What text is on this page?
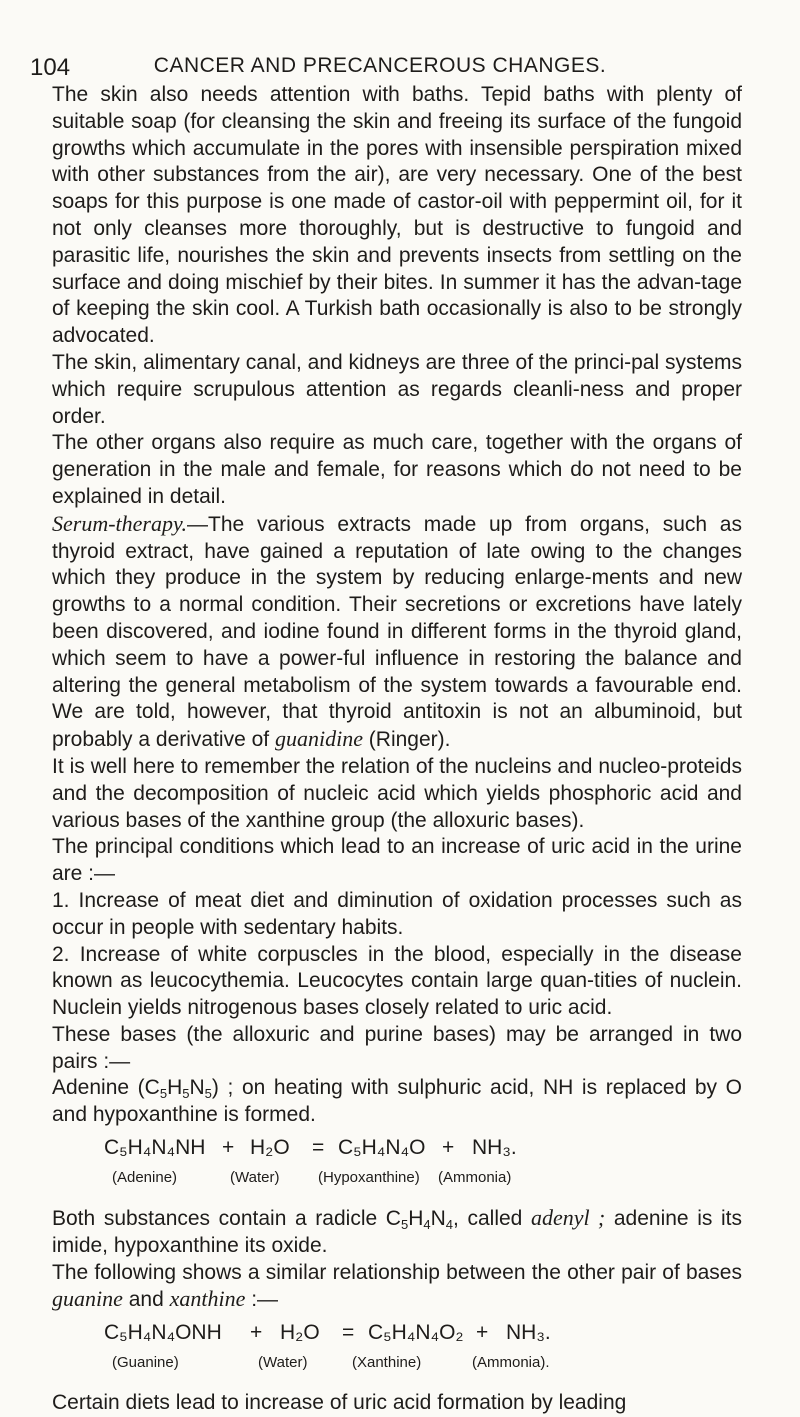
104	CANCER AND PRECANCEROUS CHANGES.

The skin also needs attention with baths. Tepid baths with plenty of suitable soap (for cleansing the skin and freeing its surface of the fungoid growths which accumulate in the pores with insensible perspiration mixed with other substances from the air), are very necessary. One of the best soaps for this purpose is one made of castor-oil with peppermint oil, for it not only cleanses more thoroughly, but is destructive to fungoid and parasitic life, nourishes the skin and prevents insects from settling on the surface and doing mischief by their bites. In summer it has the advan-tage of keeping the skin cool. A Turkish bath occasionally is also to be strongly advocated.

The skin, alimentary canal, and kidneys are three of the princi-pal systems which require scrupulous attention as regards cleanli-ness and proper order.

The other organs also require as much care, together with the organs of generation in the male and female, for reasons which do not need to be explained in detail.

Serum-therapy.—The various extracts made up from organs, such as thyroid extract, have gained a reputation of late owing to the changes which they produce in the system by reducing enlarge-ments and new growths to a normal condition. Their secretions or excretions have lately been discovered, and iodine found in different forms in the thyroid gland, which seem to have a power-ful influence in restoring the balance and altering the general metabolism of the system towards a favourable end. We are told, however, that thyroid antitoxin is not an albuminoid, but probably a derivative of guanidine (Ringer).

It is well here to remember the relation of the nucleins and nucleo-proteids and the decomposition of nucleic acid which yields phosphoric acid and various bases of the xanthine group (the alloxuric bases).

The principal conditions which lead to an increase of uric acid in the urine are :—

1. Increase of meat diet and diminution of oxidation processes such as occur in people with sedentary habits.

2. Increase of white corpuscles in the blood, especially in the disease known as leucocythemia. Leucocytes contain large quan-tities of nuclein. Nuclein yields nitrogenous bases closely related to uric acid.

These bases (the alloxuric and purine bases) may be arranged in two pairs :—

Adenine $(C_5H_5N_5)$ ; on heating with sulphuric acid, NH is replaced by O and hypoxanthine is formed.

C₅H₄N₄NH + H₂O = C₅H₄N₄O + NH₃.
(Adenine)	(Water)	(Hypoxanthine) (Ammonia)

Both substances contain a radicle $C_5H_4N_4$, called adenyl ; adenine is its imide, hypoxanthine its oxide.

The following shows a similar relationship between the other pair of bases guanine and xanthine :—

C₅H₄N₄ONH + H₂O = C₅H₄N₄O₂ + NH₃.
(Guanine)	(Water)	(Xanthine)	(Ammonia).

Certain diets lead to increase of uric acid formation by leading
